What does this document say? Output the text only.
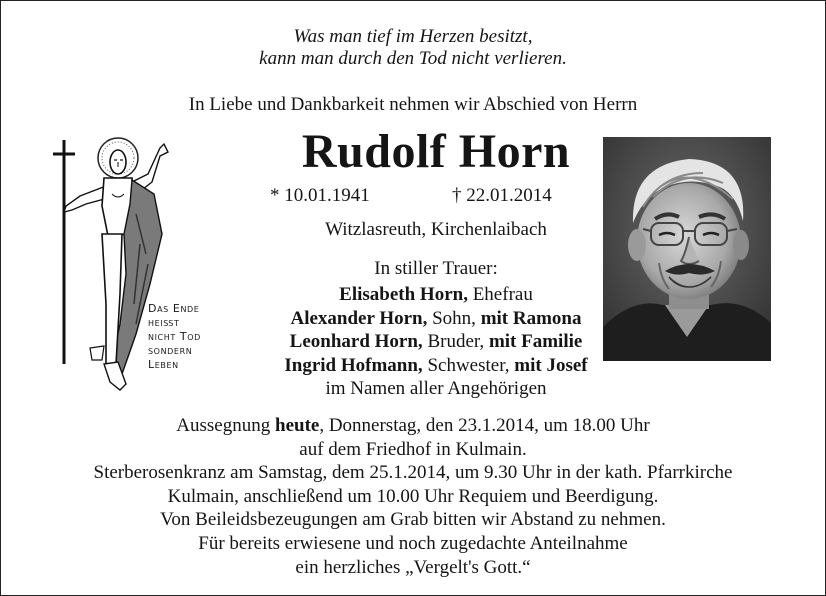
Was man tief im Herzen besitzt,
kann man durch den Tod nicht verlieren.
In Liebe und Dankbarkeit nehmen wir Abschied von Herrn
Rudolf Horn
* 10.01.1941	† 22.01.2014
Witzlasreuth, Kirchenlaibach
In stiller Trauer:
Elisabeth Horn, Ehefrau
Alexander Horn, Sohn, mit Ramona
Leonhard Horn, Bruder, mit Familie
Ingrid Hofmann, Schwester, mit Josef
im Namen aller Angehörigen
Das Ende
heißt
nicht Tod
sondern
Leben
Aussegnung heute, Donnerstag, den 23.1.2014, um 18.00 Uhr
auf dem Friedhof in Kulmain.
Sterberosenkranz am Samstag, dem 25.1.2014, um 9.30 Uhr in der kath. Pfarrkirche
Kulmain, anschließend um 10.00 Uhr Requiem und Beerdigung.
Von Beileidsbezeugungen am Grab bitten wir Abstand zu nehmen.
Für bereits erwiesene und noch zugedachte Anteilnahme
ein herzliches „Vergelt's Gott.“
